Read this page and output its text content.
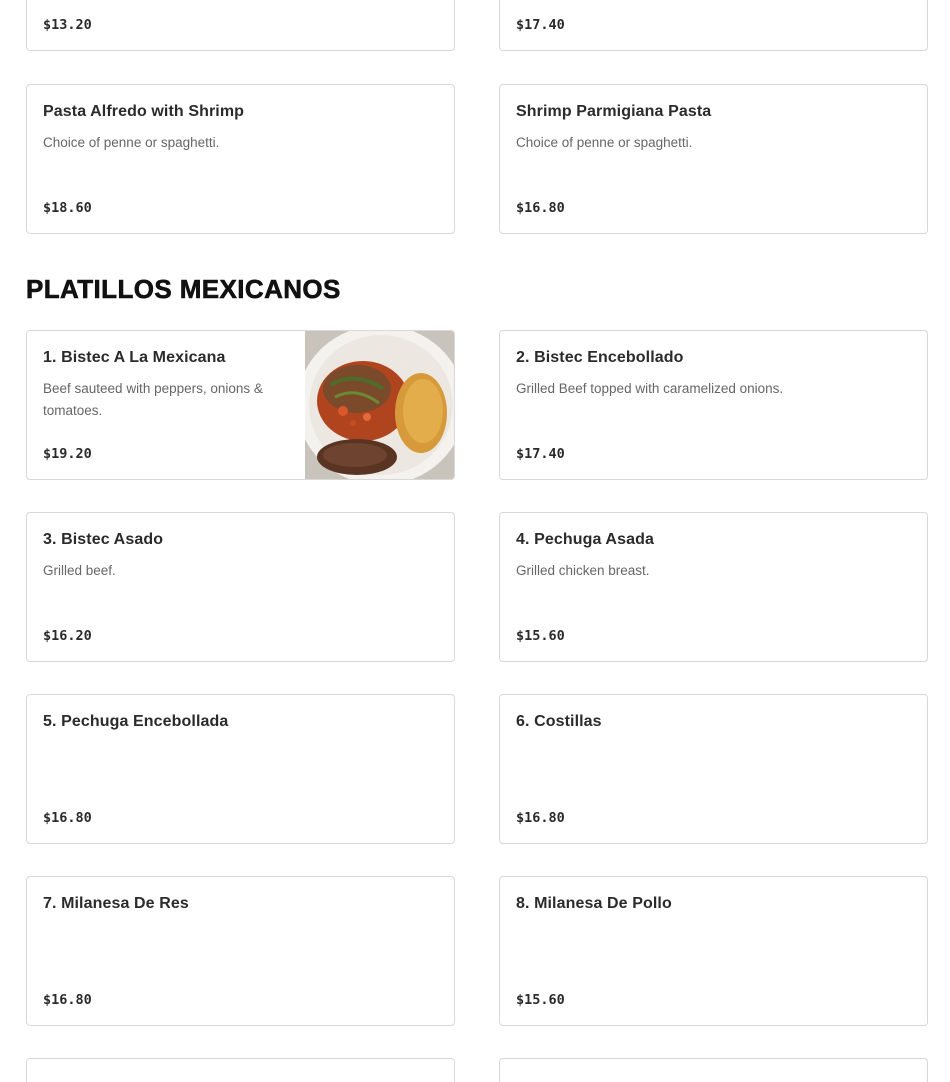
$13.20	$17.40
Pasta Alfredo with Shrimp
Choice of penne or spaghetti.
$18.60
Shrimp Parmigiana Pasta
Choice of penne or spaghetti.
$16.80
PLATILLOS MEXICANOS
1. Bistec A La Mexicana
Beef sauteed with peppers, onions & tomatoes.
$19.20
2. Bistec Encebollado
Grilled Beef topped with caramelized onions.
$17.40
3. Bistec Asado
Grilled beef.
$16.20
4. Pechuga Asada
Grilled chicken breast.
$15.60
5. Pechuga Encebollada
$16.80
6. Costillas
$16.80
7. Milanesa De Res
$16.80
8. Milanesa De Pollo
$15.60
